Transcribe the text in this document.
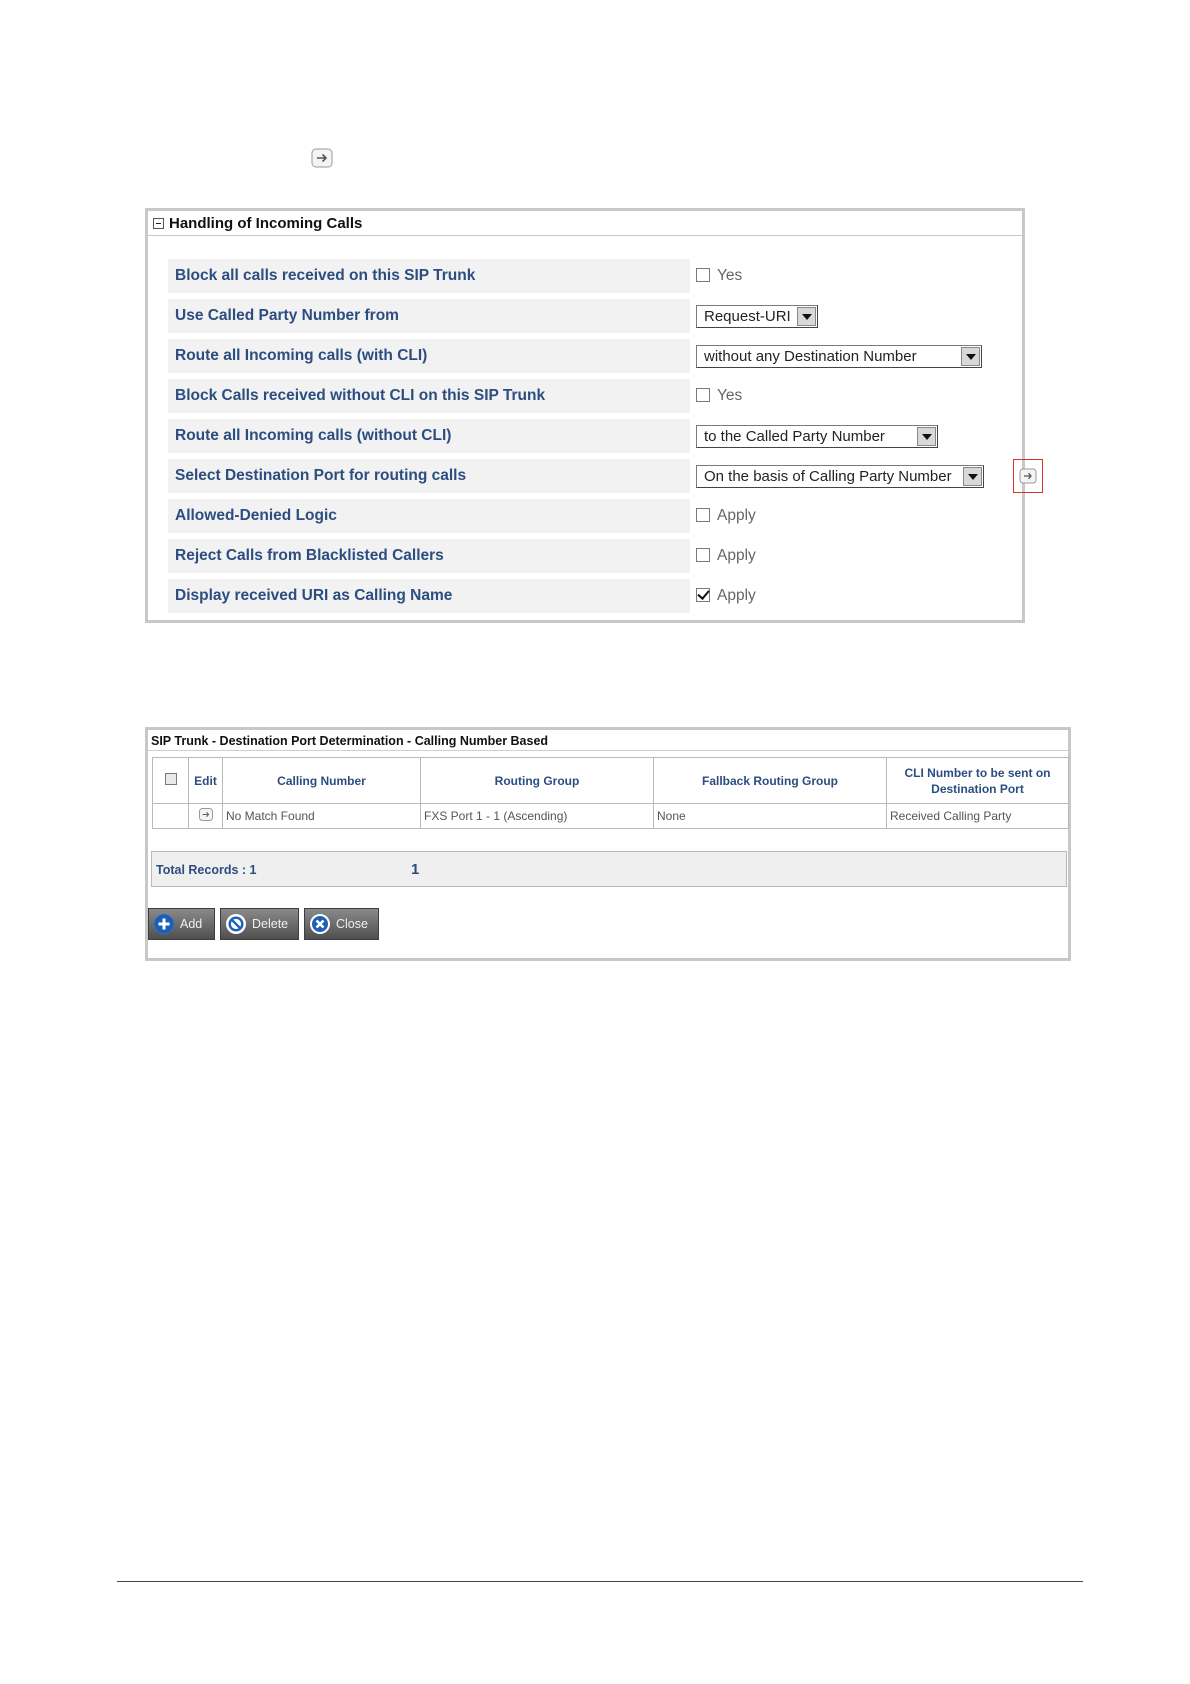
Handling of Incoming Calls
Block all calls received on this SIP Trunk	Yes
Use Called Party Number from	Request-URI
Route all Incoming calls (with CLI)	without any Destination Number
Block Calls received without CLI on this SIP Trunk	Yes
Route all Incoming calls (without CLI)	to the Called Party Number
Select Destination Port for routing calls	On the basis of Calling Party Number
Allowed-Denied Logic	Apply
Reject Calls from Blacklisted Callers	Apply
Display received URI as Calling Name	Apply
SIP Trunk - Destination Port Determination - Calling Number Based
	Edit	Calling Number	Routing Group	Fallback Routing Group	CLI Number to be sent on Destination Port
		No Match Found	FXS Port 1 - 1 (Ascending)	None	Received Calling Party
Total Records : 1	1
Add	Delete	Close
